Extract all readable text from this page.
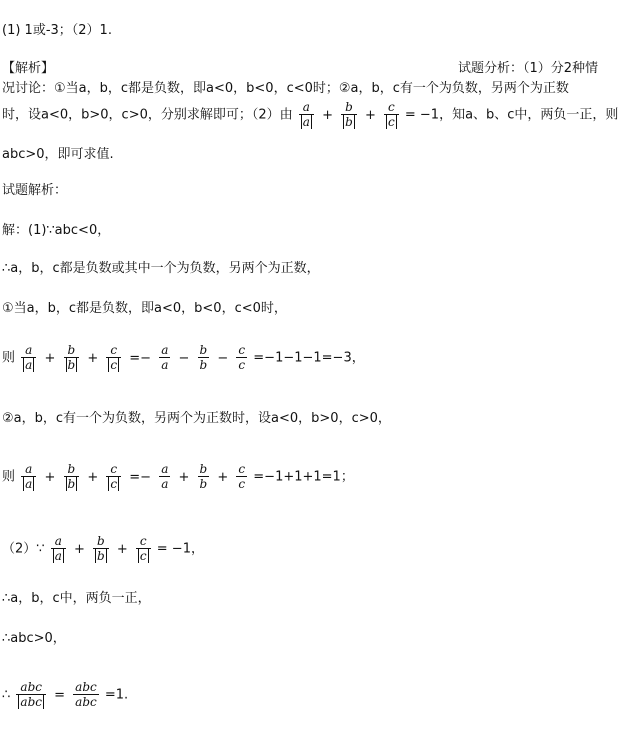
(1) 1或-3；（2）1.
【解析】	试题分析：（1）分2种情
况讨论：①当a，b，c都是负数，即a<0，b<0，c<0时；②a，b，c有一个为负数，另两个为正数
时，设a<0，b>0，c>0，分别求解即可；（2）由 $\frac{a}{a} + \frac{b}{b} + \frac{c}{c} = -1$，知a、b、c中，两负一正，则
abc>0，即可求值.
试题解析：
解：(1)∵abc<0，
∴a，b，c都是负数或其中一个为负数，另两个为正数，
①当a，b，c都是负数，即a<0，b<0，c<0时，
则 $\frac{a}{a} + \frac{b}{b} + \frac{c}{c} =- \frac{a}{a} - \frac{b}{b} - \frac{c}{c} =-1-1-1=-3$，
②a，b，c有一个为负数，另两个为正数时，设a<0，b>0，c>0，
则 $\frac{a}{a} + \frac{b}{b} + \frac{c}{c} =- \frac{a}{a} + \frac{b}{b} + \frac{c}{c} =-1+1+1=1$；
（2）∵ $\frac{a}{a} + \frac{b}{b} + \frac{c}{c} = -1$，
∴a，b，c中，两负一正，
∴abc>0，
∴ $\frac{\text{abc}}{\text{abc}} = \frac{\text{abc}}{\text{abc}} =1$.
